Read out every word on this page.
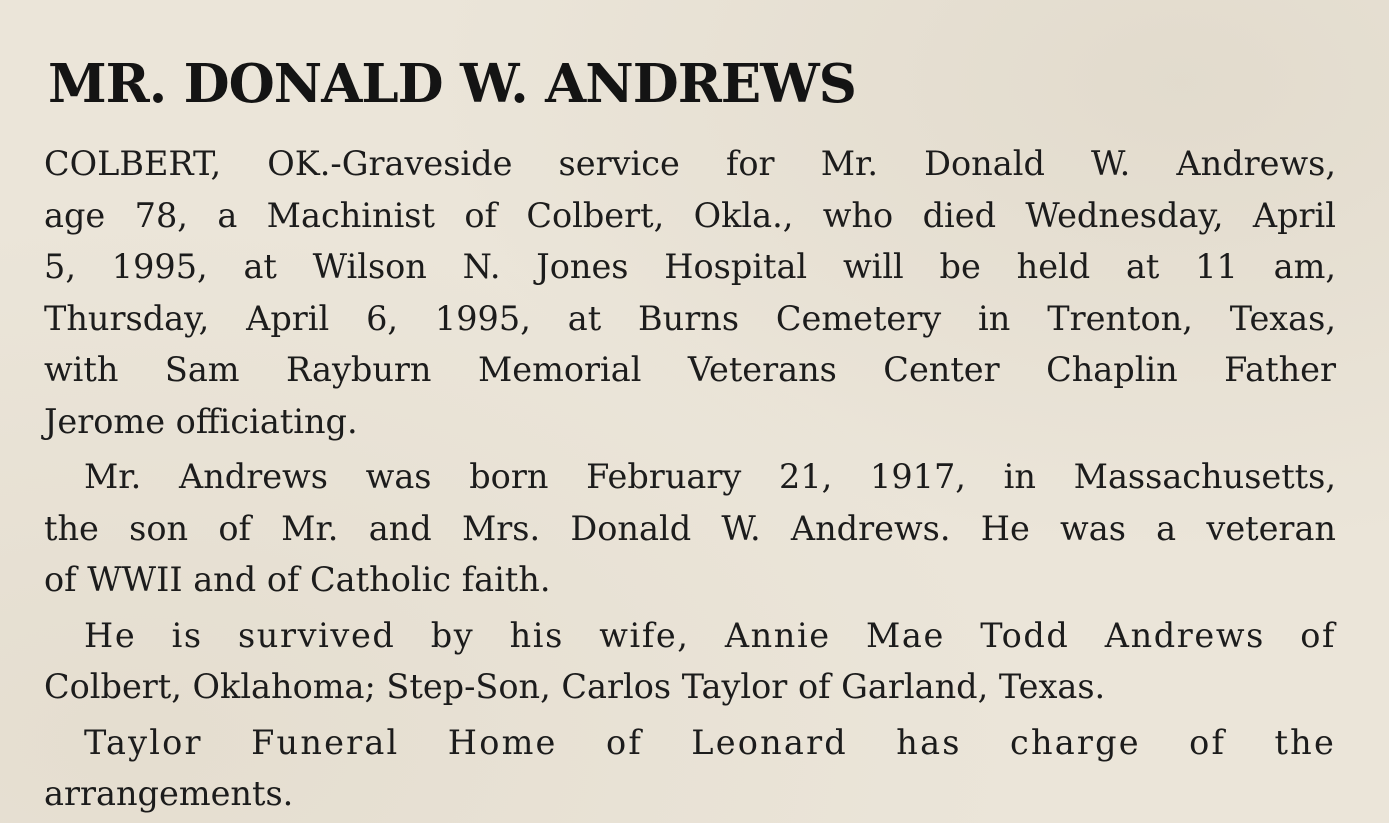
MR. DONALD W. ANDREWS
COLBERT, OK.-Graveside service for Mr. Donald W. Andrews,
age 78, a Machinist of Colbert, Okla., who died Wednesday, April
5, 1995, at Wilson N. Jones Hospital will be held at 11 am,
Thursday, April 6, 1995, at Burns Cemetery in Trenton, Texas,
with Sam Rayburn Memorial Veterans Center Chaplin Father
Jerome officiating.
Mr. Andrews was born February 21, 1917, in Massachusetts,
the son of Mr. and Mrs. Donald W. Andrews. He was a veteran
of WWII and of Catholic faith.
He is survived by his wife, Annie Mae Todd Andrews of
Colbert, Oklahoma; Step-Son, Carlos Taylor of Garland, Texas.
Taylor Funeral Home of Leonard has charge of the
arrangements.
